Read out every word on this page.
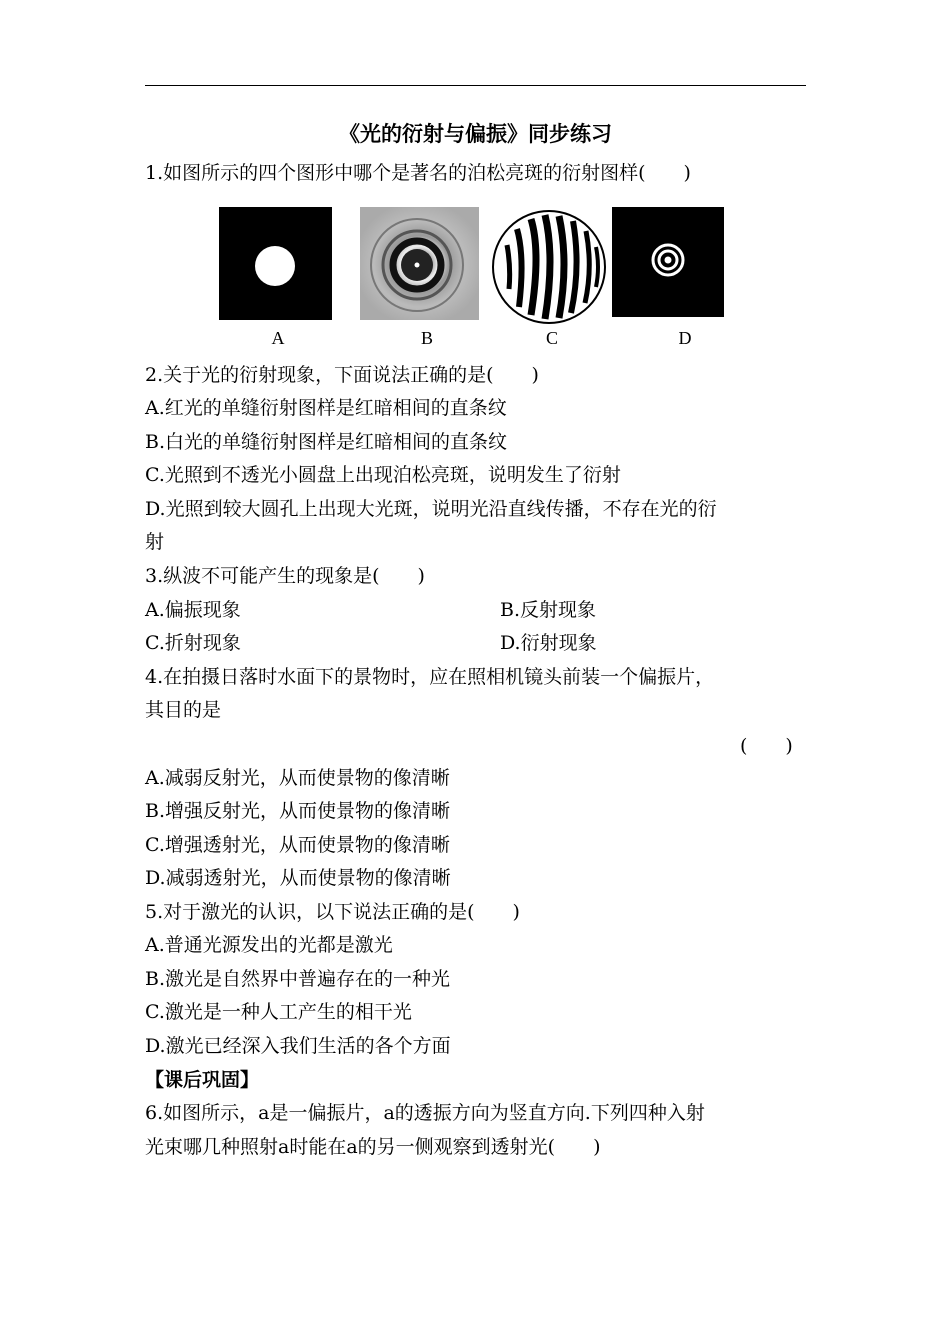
《光的衍射与偏振》同步练习
1.如图所示的四个图形中哪个是著名的泊松亮斑的衍射图样(　　)
A	B	C	D
2.关于光的衍射现象，下面说法正确的是(　　)
A.红光的单缝衍射图样是红暗相间的直条纹
B.白光的单缝衍射图样是红暗相间的直条纹
C.光照到不透光小圆盘上出现泊松亮斑，说明发生了衍射
D.光照到较大圆孔上出现大光斑，说明光沿直线传播，不存在光的衍
射
3.纵波不可能产生的现象是(　　)
A.偏振现象	B.反射现象
C.折射现象	D.衍射现象
4.在拍摄日落时水面下的景物时，应在照相机镜头前装一个偏振片，
其目的是
(　　)
A.减弱反射光，从而使景物的像清晰
B.增强反射光，从而使景物的像清晰
C.增强透射光，从而使景物的像清晰
D.减弱透射光，从而使景物的像清晰
5.对于激光的认识，以下说法正确的是(　　)
A.普通光源发出的光都是激光
B.激光是自然界中普遍存在的一种光
C.激光是一种人工产生的相干光
D.激光已经深入我们生活的各个方面
【课后巩固】
6.如图所示，a是一偏振片，a的透振方向为竖直方向.下列四种入射
光束哪几种照射a时能在a的另一侧观察到透射光(　　)
